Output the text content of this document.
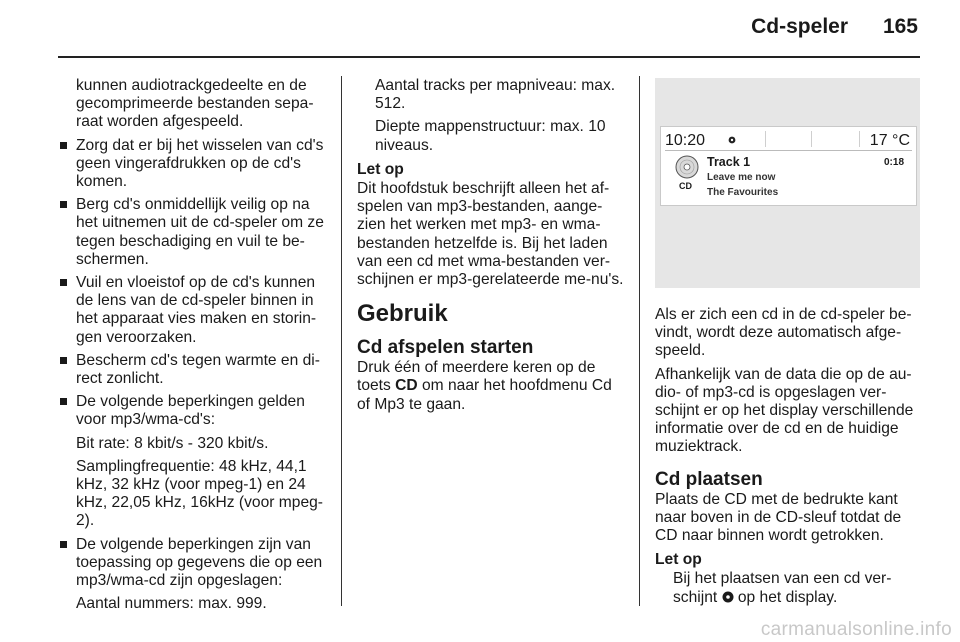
Cd-speler	165

kunnen audiotrackgedeelte en de gecomprimeerde bestanden sepa-raat worden afgespeeld.

Zorg dat er bij het wisselen van cd's geen vingerafdrukken op de cd's komen.
Berg cd's onmiddellijk veilig op na het uitnemen uit de cd-speler om ze tegen beschadiging en vuil te be-schermen.
Vuil en vloeistof op de cd's kunnen de lens van de cd-speler binnen in het apparaat vies maken en storin-gen veroorzaken.
Bescherm cd's tegen warmte en di-rect zonlicht.
De volgende beperkingen gelden voor mp3/wma-cd's:

Bit rate: 8 kbit/s - 320 kbit/s.

Samplingfrequentie: 48 kHz, 44,1 kHz, 32 kHz (voor mpeg-1) en 24 kHz, 22,05 kHz, 16kHz (voor mpeg-2).

De volgende beperkingen zijn van toepassing op gegevens die op een mp3/wma-cd zijn opgeslagen:

Aantal nummers: max. 999.

Aantal tracks per mapniveau: max. 512.

Diepte mappenstructuur: max. 10 niveaus.

Let op

Dit hoofdstuk beschrijft alleen het af-spelen van mp3-bestanden, aange-zien het werken met mp3- en wma-bestanden hetzelfde is. Bij het laden van een cd met wma-bestanden ver-schijnen er mp3-gerelateerde me-nu's.

Gebruik
Cd afspelen starten

Druk één of meerdere keren op de toets CD om naar het hoofdmenu Cd of Mp3 te gaan.

10:20	17 °C
CD
Track 1	0:18
Leave me now
The Favourites

Als er zich een cd in de cd-speler be-vindt, wordt deze automatisch afge-speeld.

Afhankelijk van de data die op de au-dio- of mp3-cd is opgeslagen ver-schijnt er op het display verschillende informatie over de cd en de huidige muziektrack.

Cd plaatsen

Plaats de CD met de bedrukte kant naar boven in de CD-sleuf totdat de CD naar binnen wordt getrokken.

Let op

Bij het plaatsen van een cd ver-schijnt  op het display.

carmanualsonline.info
